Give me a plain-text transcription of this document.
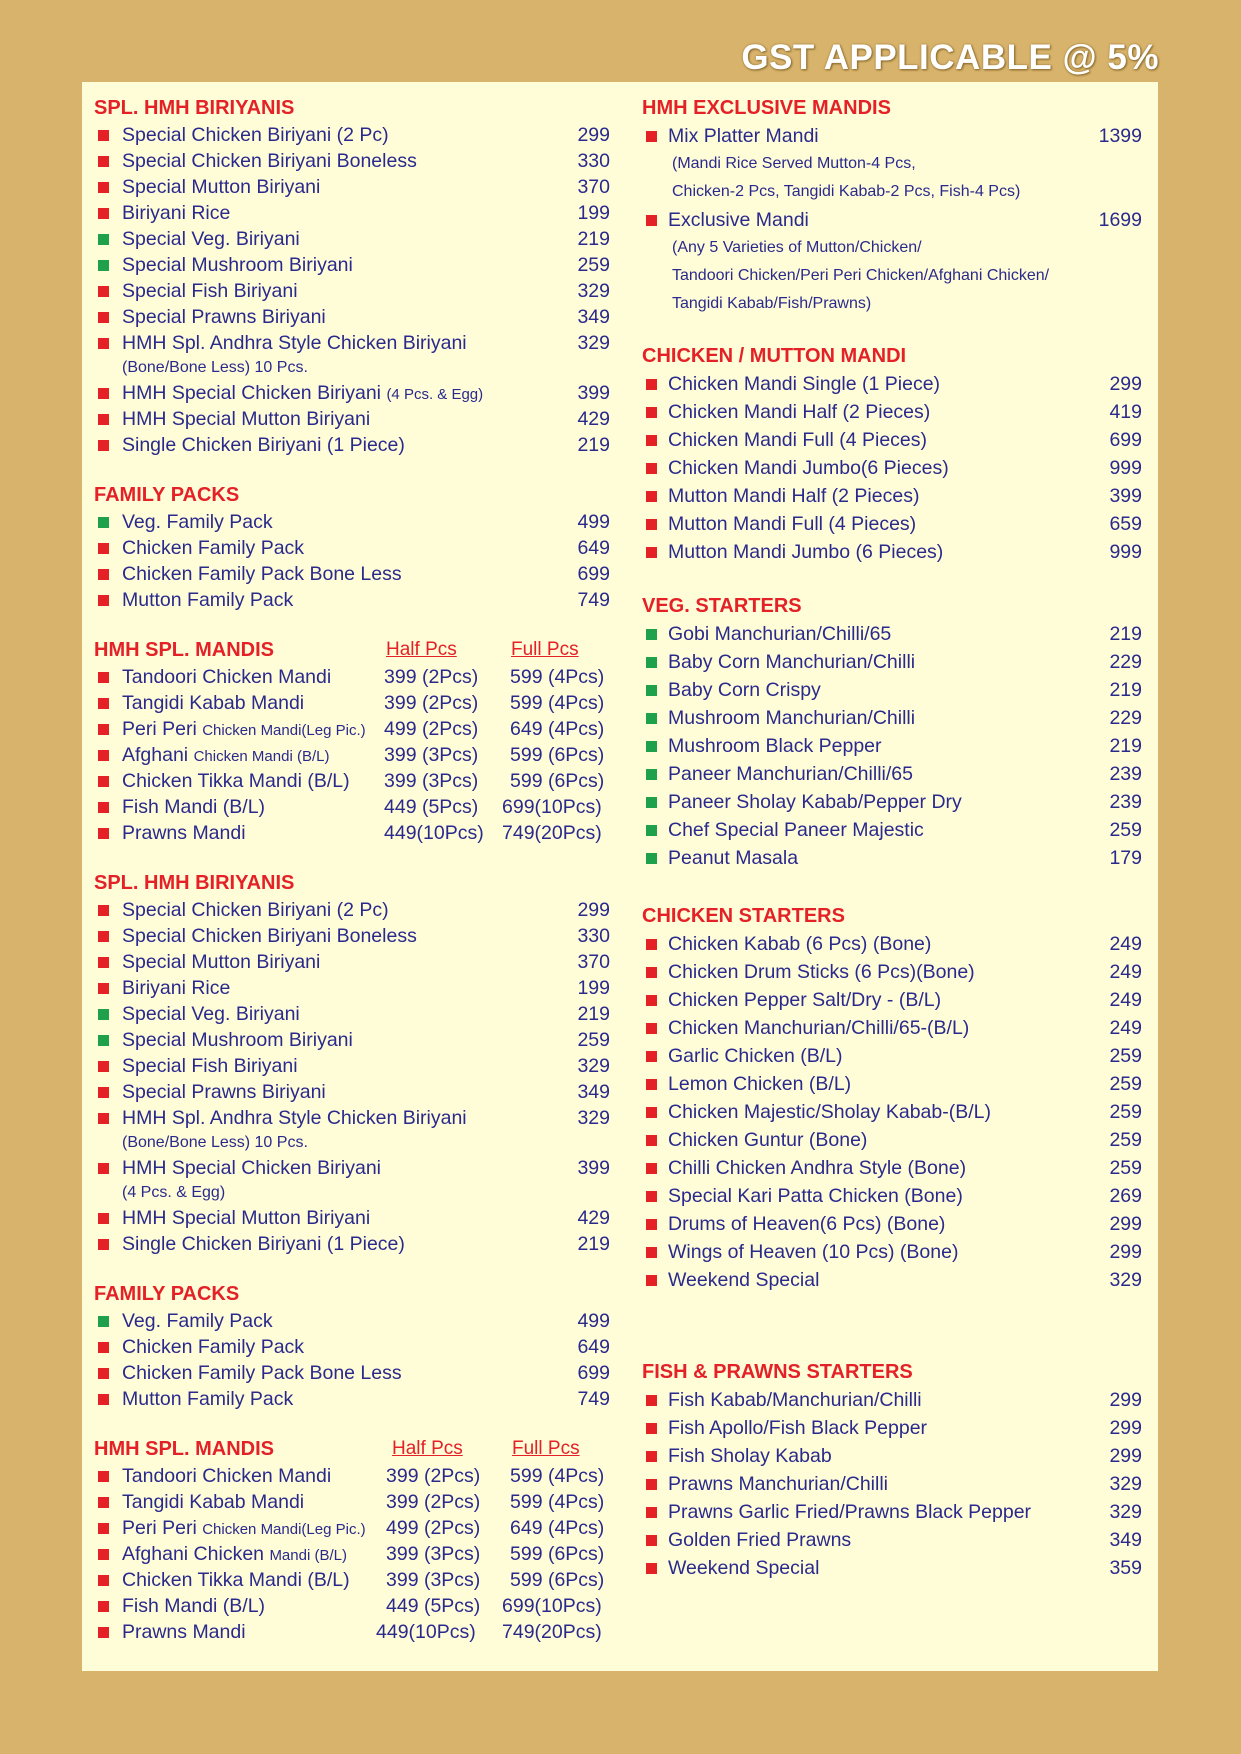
GST APPLICABLE @ 5%
SPL. HMH BIRIYANIS
Special Chicken Biriyani (2 Pc)	299
Special Chicken Biriyani Boneless	330
Special Mutton Biriyani	370
Biriyani Rice	199
Special Veg. Biriyani	219
Special Mushroom Biriyani	259
Special Fish Biriyani	329
Special Prawns Biriyani	349
HMH Spl. Andhra Style Chicken Biriyani	329
(Bone/Bone Less) 10 Pcs.
HMH Special Chicken Biriyani (4 Pcs. & Egg)	399
HMH Special Mutton Biriyani	429
Single Chicken Biriyani (1 Piece)	219
FAMILY PACKS
Veg. Family Pack	499
Chicken Family Pack	649
Chicken Family Pack Bone Less	699
Mutton Family Pack	749
HMH SPL. MANDIS	Half Pcs	Full Pcs
Tandoori Chicken Mandi	399 (2Pcs) 599 (4Pcs)
Tangidi Kabab Mandi	399 (2Pcs) 599 (4Pcs)
Peri Peri Chicken Mandi(Leg Pic.) 499 (2Pcs) 649 (4Pcs)
Afghani Chicken Mandi (B/L)	399 (3Pcs) 599 (6Pcs)
Chicken Tikka Mandi (B/L) 399 (3Pcs) 599 (6Pcs)
Fish Mandi (B/L)	449 (5Pcs) 699(10Pcs)
Prawns Mandi	449(10Pcs) 749(20Pcs)
SPL. HMH BIRIYANIS
Special Chicken Biriyani (2 Pc)	299
Special Chicken Biriyani Boneless	330
Special Mutton Biriyani	370
Biriyani Rice	199
Special Veg. Biriyani	219
Special Mushroom Biriyani	259
Special Fish Biriyani	329
Special Prawns Biriyani	349
HMH Spl. Andhra Style Chicken Biriyani	329
(Bone/Bone Less) 10 Pcs.
HMH Special Chicken Biriyani	399
(4 Pcs. & Egg)
HMH Special Mutton Biriyani	429
Single Chicken Biriyani (1 Piece)	219
FAMILY PACKS
Veg. Family Pack	499
Chicken Family Pack	649
Chicken Family Pack Bone Less	699
Mutton Family Pack	749
HMH SPL. MANDIS	Half Pcs	Full Pcs
Tandoori Chicken Mandi	399 (2Pcs) 599 (4Pcs)
Tangidi Kabab Mandi	399 (2Pcs) 599 (4Pcs)
Peri Peri Chicken Mandi(Leg Pic.) 499 (2Pcs) 649 (4Pcs)
Afghani Chicken Mandi (B/L) 399 (3Pcs) 599 (6Pcs)
Chicken Tikka Mandi (B/L) 399 (3Pcs) 599 (6Pcs)
Fish Mandi (B/L)	449 (5Pcs) 699(10Pcs)
Prawns Mandi	449(10Pcs) 749(20Pcs)
HMH EXCLUSIVE MANDIS
Mix Platter Mandi	1399
(Mandi Rice Served Mutton-4 Pcs,
Chicken-2 Pcs, Tangidi Kabab-2 Pcs, Fish-4 Pcs)
Exclusive Mandi	1699
(Any 5 Varieties of Mutton/Chicken/
Tandoori Chicken/Peri Peri Chicken/Afghani Chicken/
Tangidi Kabab/Fish/Prawns)
CHICKEN / MUTTON MANDI
Chicken Mandi Single (1 Piece)	299
Chicken Mandi Half (2 Pieces)	419
Chicken Mandi Full (4 Pieces)	699
Chicken Mandi Jumbo(6 Pieces)	999
Mutton Mandi Half (2 Pieces)	399
Mutton Mandi Full (4 Pieces)	659
Mutton Mandi Jumbo (6 Pieces)	999
VEG. STARTERS
Gobi Manchurian/Chilli/65	219
Baby Corn Manchurian/Chilli	229
Baby Corn Crispy	219
Mushroom Manchurian/Chilli	229
Mushroom Black Pepper	219
Paneer Manchurian/Chilli/65	239
Paneer Sholay Kabab/Pepper Dry	239
Chef Special Paneer Majestic	259
Peanut Masala	179
CHICKEN STARTERS
Chicken Kabab (6 Pcs) (Bone)	249
Chicken Drum Sticks (6 Pcs)(Bone)	249
Chicken Pepper Salt/Dry - (B/L)	249
Chicken Manchurian/Chilli/65-(B/L)	249
Garlic Chicken (B/L)	259
Lemon Chicken (B/L)	259
Chicken Majestic/Sholay Kabab-(B/L)	259
Chicken Guntur (Bone)	259
Chilli Chicken Andhra Style (Bone)	259
Special Kari Patta Chicken (Bone)	269
Drums of Heaven(6 Pcs) (Bone)	299
Wings of Heaven (10 Pcs) (Bone)	299
Weekend Special	329
FISH & PRAWNS STARTERS
Fish Kabab/Manchurian/Chilli	299
Fish Apollo/Fish Black Pepper	299
Fish Sholay Kabab	299
Prawns Manchurian/Chilli	329
Prawns Garlic Fried/Prawns Black Pepper	329
Golden Fried Prawns	349
Weekend Special	359
